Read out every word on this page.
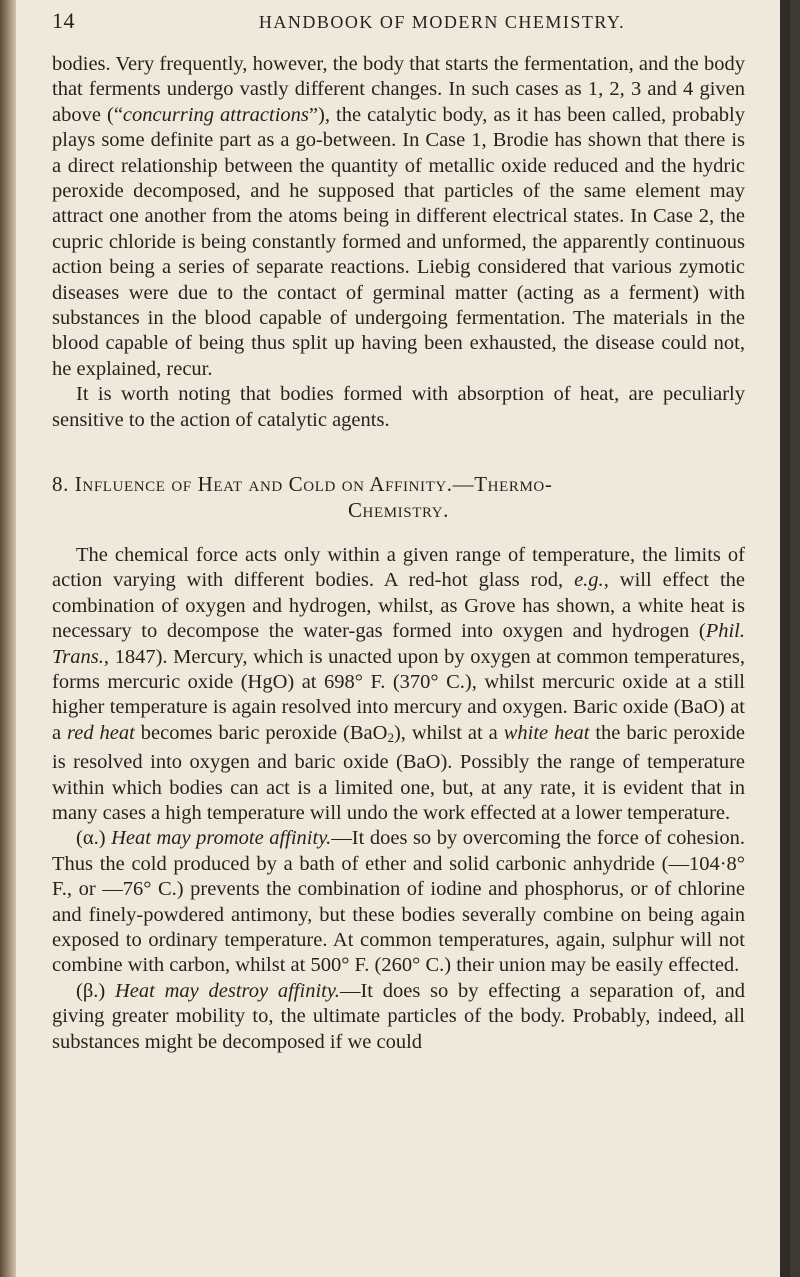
14	HANDBOOK OF MODERN CHEMISTRY.

bodies. Very frequently, however, the body that starts the fermentation, and the body that ferments undergo vastly different changes. In such cases as 1, 2, 3 and 4 given above (“concurring attractions”), the catalytic body, as it has been called, probably plays some definite part as a go-between. In Case 1, Brodie has shown that there is a direct relationship between the quantity of metallic oxide reduced and the hydric peroxide decomposed, and he supposed that particles of the same element may attract one another from the atoms being in different electrical states. In Case 2, the cupric chloride is being constantly formed and unformed, the apparently continuous action being a series of separate reactions. Liebig considered that various zymotic diseases were due to the contact of germinal matter (acting as a ferment) with substances in the blood capable of undergoing fermentation. The materials in the blood capable of being thus split up having been exhausted, the disease could not, he explained, recur.

It is worth noting that bodies formed with absorption of heat, are peculiarly sensitive to the action of catalytic agents.

8. Influence of Heat and Cold on Affinity.—Thermo-
Chemistry.

The chemical force acts only within a given range of temperature, the limits of action varying with different bodies. A red-hot glass rod, e.g., will effect the combination of oxygen and hydrogen, whilst, as Grove has shown, a white heat is necessary to decompose the water-gas formed into oxygen and hydrogen (Phil. Trans., 1847). Mercury, which is unacted upon by oxygen at common temperatures, forms mercuric oxide (HgO) at 698° F. (370° C.), whilst mercuric oxide at a still higher temperature is again resolved into mercury and oxygen. Baric oxide (BaO) at a red heat becomes baric peroxide (BaO2), whilst at a white heat the baric peroxide is resolved into oxygen and baric oxide (BaO). Possibly the range of temperature within which bodies can act is a limited one, but, at any rate, it is evident that in many cases a high temperature will undo the work effected at a lower temperature.

(α.) Heat may promote affinity.—It does so by overcoming the force of cohesion. Thus the cold produced by a bath of ether and solid carbonic anhydride (—104·8° F., or —76° C.) prevents the combination of iodine and phosphorus, or of chlorine and finely-powdered antimony, but these bodies severally combine on being again exposed to ordinary temperature. At common temperatures, again, sulphur will not combine with carbon, whilst at 500° F. (260° C.) their union may be easily effected.

(β.) Heat may destroy affinity.—It does so by effecting a separation of, and giving greater mobility to, the ultimate particles of the body. Probably, indeed, all substances might be decomposed if we could
